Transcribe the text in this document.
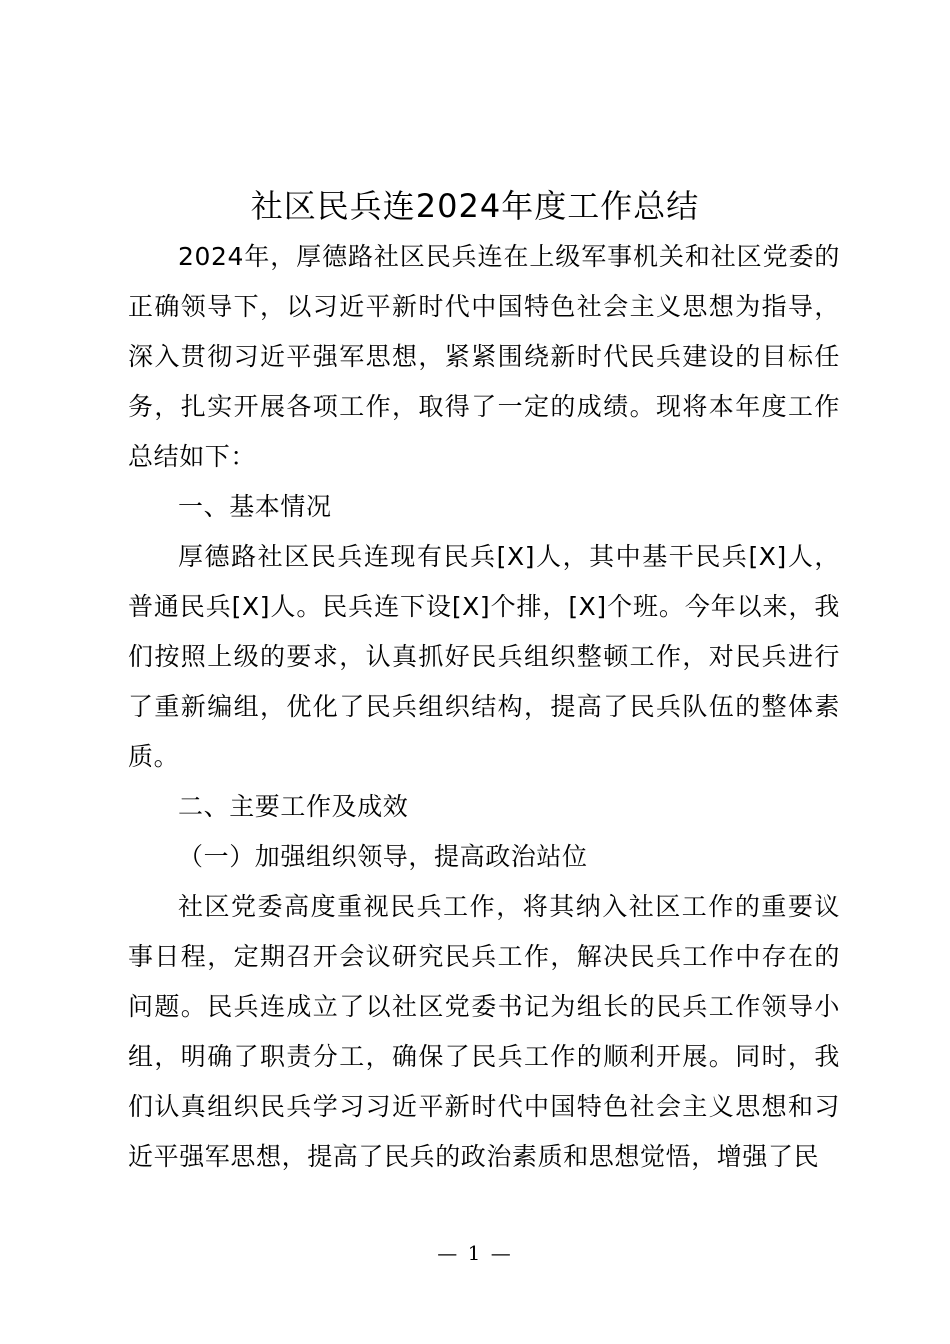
社区民兵连2024年度工作总结

2024年，厚德路社区民兵连在上级军事机关和社区党委的正确领导下，以习近平新时代中国特色社会主义思想为指导，深入贯彻习近平强军思想，紧紧围绕新时代民兵建设的目标任务，扎实开展各项工作，取得了一定的成绩。现将本年度工作总结如下：

一、基本情况

厚德路社区民兵连现有民兵[X]人，其中基干民兵[X]人，普通民兵[X]人。民兵连下设[X]个排，[X]个班。今年以来，我们按照上级的要求，认真抓好民兵组织整顿工作，对民兵进行了重新编组，优化了民兵组织结构，提高了民兵队伍的整体素质。

二、主要工作及成效

（一）加强组织领导，提高政治站位

社区党委高度重视民兵工作，将其纳入社区工作的重要议事日程，定期召开会议研究民兵工作，解决民兵工作中存在的问题。民兵连成立了以社区党委书记为组长的民兵工作领导小组，明确了职责分工，确保了民兵工作的顺利开展。同时，我们认真组织民兵学习习近平新时代中国特色社会主义思想和习近平强军思想，提高了民兵的政治素质和思想觉悟，增强了民

— 1 —
